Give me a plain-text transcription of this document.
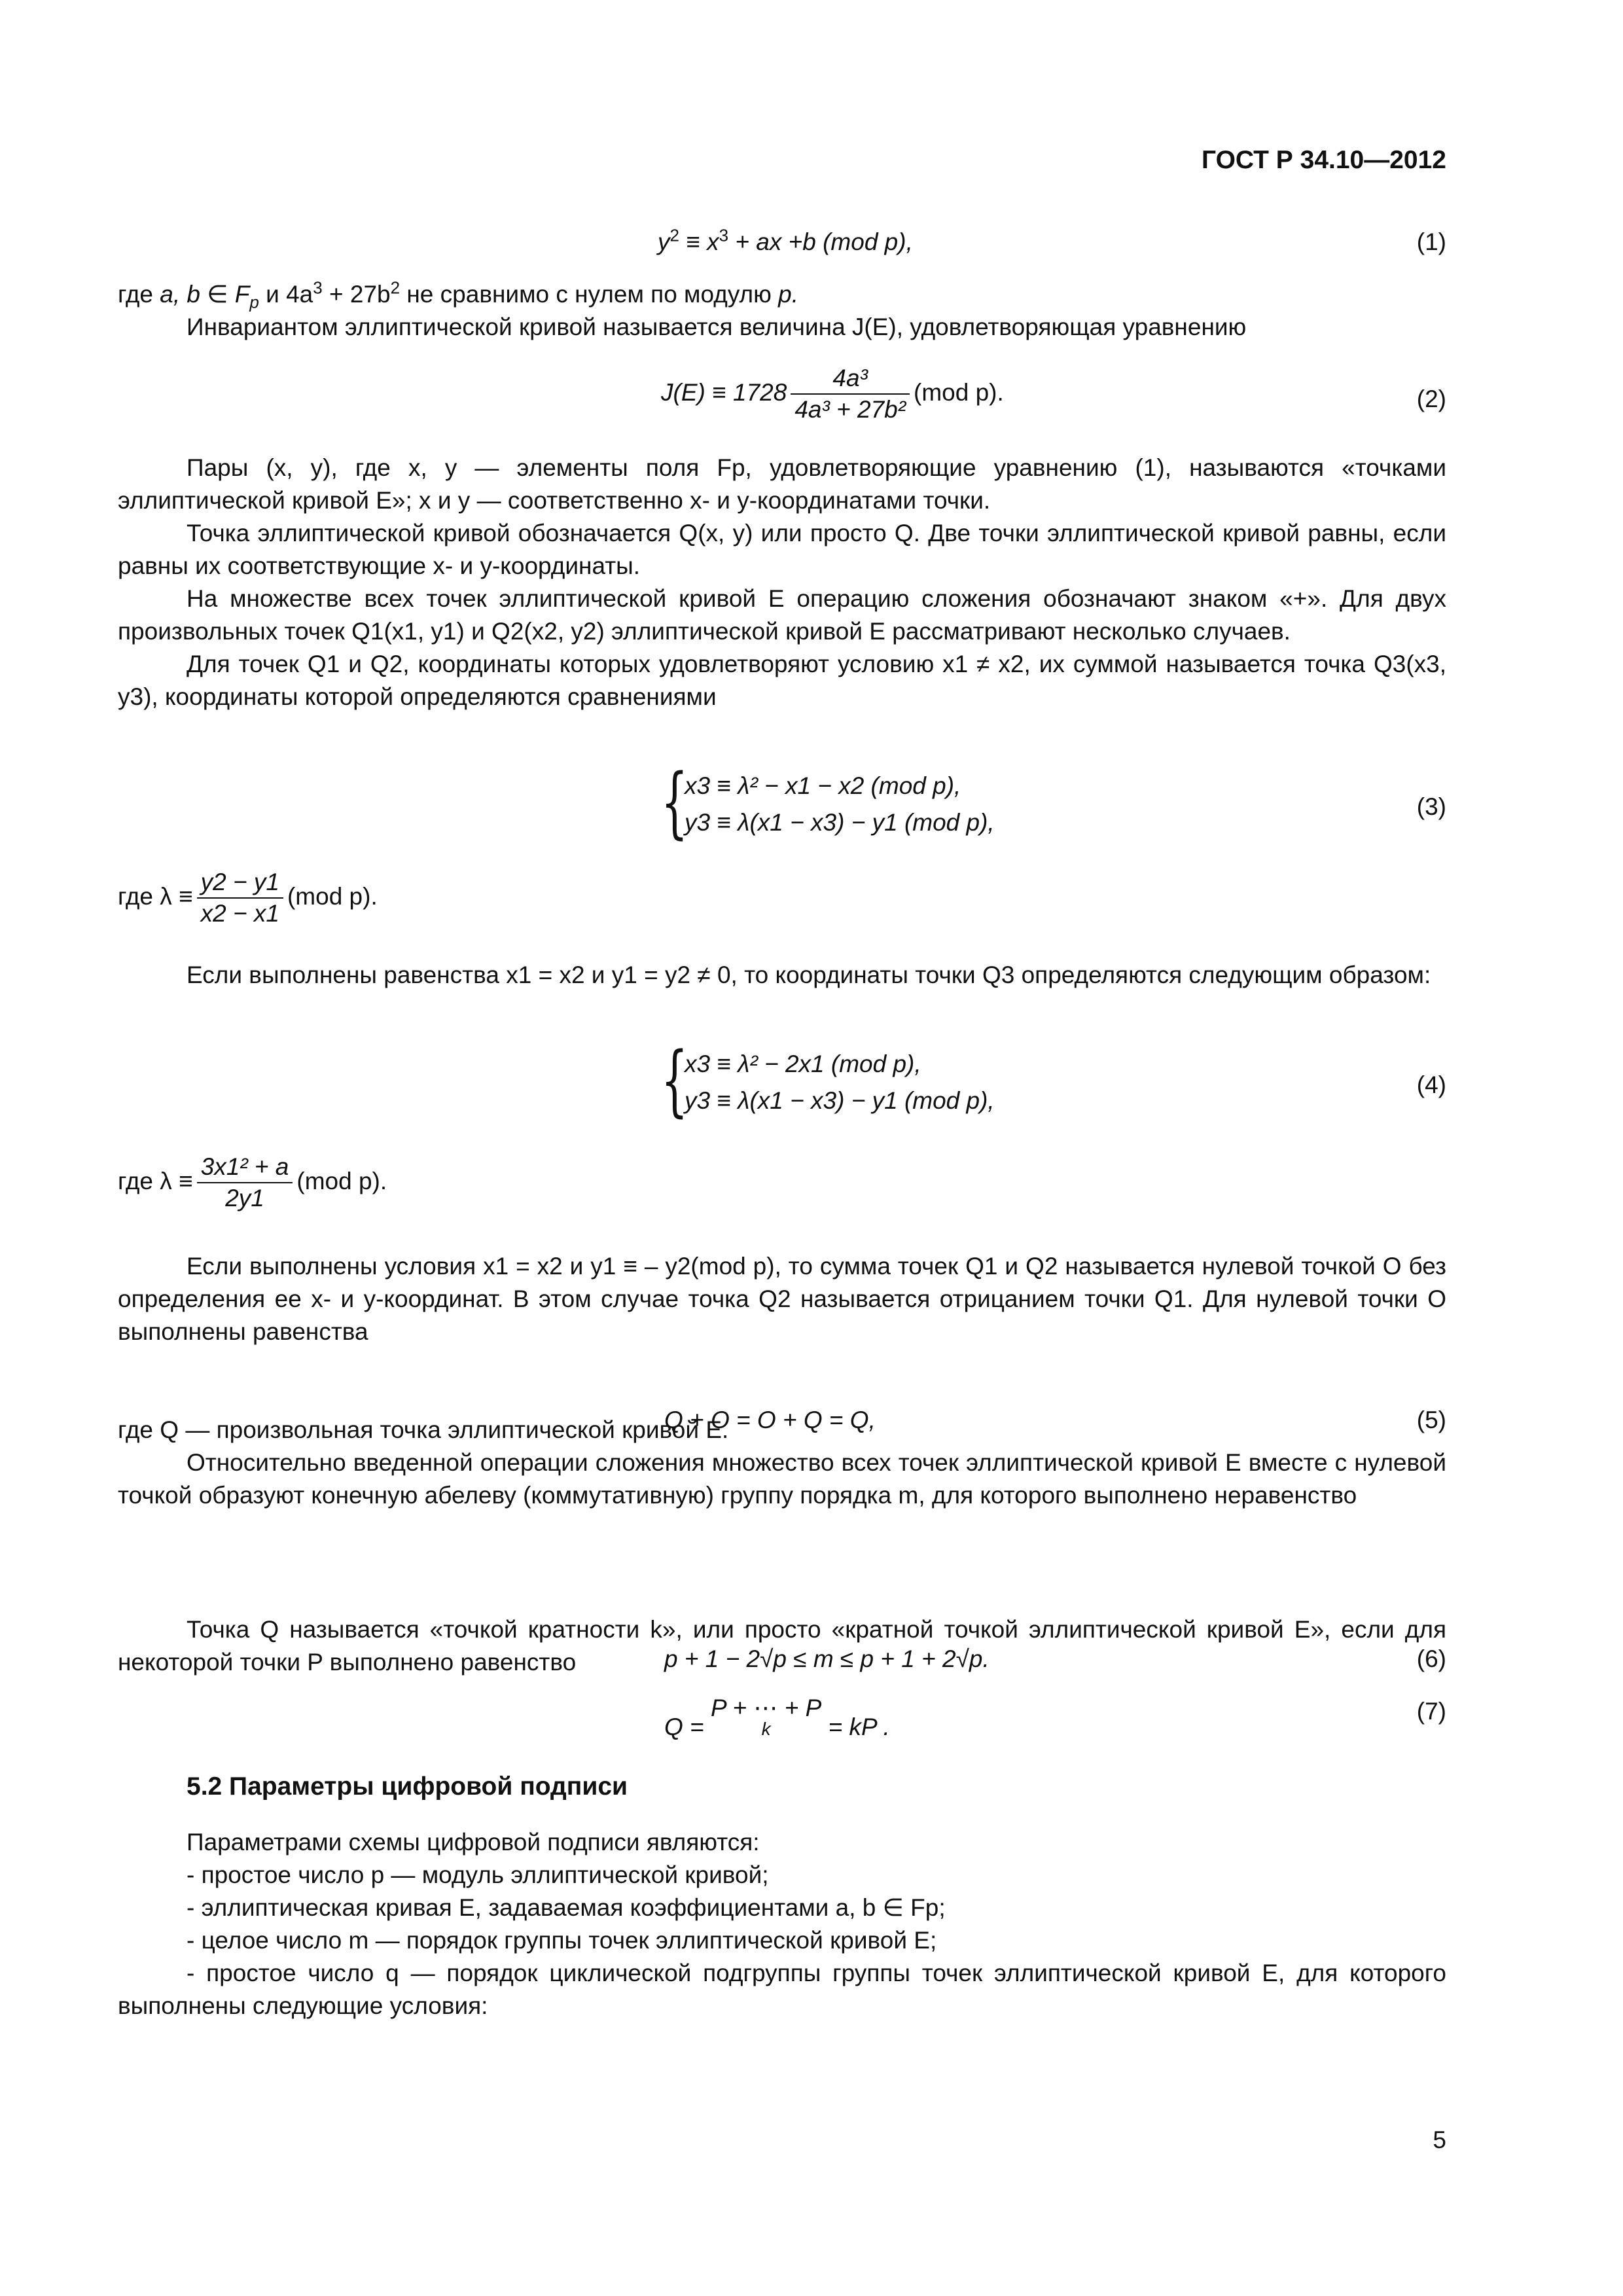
ГОСТ Р 34.10—2012
$y^2 \equiv x^3$ + ax +b (mod p),	(1)

где a, b ∈ $F_p$ и $4a^3 + 27b^2$ не сравнимо с нулем по модулю p.

Инвариантом эллиптической кривой называется величина J(E), удовлетворяющая уравнению

$J(E) \equiv 1728 \frac{\text{4a³}}{\text{4a³ + 27b²}} (mod$ p).	(2)

Пары (x, y), где x, y — элементы поля Fp, удовлетворяющие уравнению (1), называются «точками эллиптической кривой E»; x и y — соответственно x- и y-координатами точки.

Точка эллиптической кривой обозначается Q(x, y) или просто Q. Две точки эллиптической кривой равны, если равны их соответствующие x- и y-координаты.

На множестве всех точек эллиптической кривой E операцию сложения обозначают знаком «+». Для двух произвольных точек Q1(x1, y1) и Q2(x2, y2) эллиптической кривой E рассматривают несколько случаев.

Для точек Q1 и Q2, координаты которых удовлетворяют условию x1 ≠ x2, их суммой называется точка Q3(x3, y3), координаты которой определяются сравнениями

{
x3 ≡ λ² − x1 − x2 (mod p),
y3 ≡ λ(x1 − x3) − y1 (mod p),
(3)
где $\lambda \equiv \frac{y2 - y1}{x2 - x1} (mod$ p).

Если выполнены равенства x1 = x2 и y1 = y2 ≠ 0, то координаты точки Q3 определяются следующим образом:

{
x3 ≡ λ² − 2x1 (mod p),
y3 ≡ λ(x1 − x3) − y1 (mod p),
(4)
где $\lambda \equiv \frac{\text{3x1² + a}}{2y1} (mod$ p).

Если выполнены условия x1 = x2 и y1 ≡ – y2(mod p), то сумма точек Q1 и Q2 называется нулевой точкой O без определения ее x- и y-координат. В этом случае точка Q2 называется отрицанием точки Q1. Для нулевой точки O выполнены равенства

Q + O = O + Q = Q,	(5)

где Q — произвольная точка эллиптической кривой E.

Относительно введенной операции сложения множество всех точек эллиптической кривой E вместе с нулевой точкой образуют конечную абелеву (коммутативную) группу порядка m, для которого выполнено неравенство

p + 1 − 2√p ≤ m ≤ p + 1 + 2√p.	(6)

Точка Q называется «точкой кратности k», или просто «кратной точкой эллиптической кривой E», если для некоторой точки P выполнено равенство

Q = P + ⋯ + P
k	= kP .
(7)
5.2 Параметры цифровой подписи

Параметрами схемы цифровой подписи являются:

- простое число p — модуль эллиптической кривой;

- эллиптическая кривая E, задаваемая коэффициентами a, b ∈ Fp;

- целое число m — порядок группы точек эллиптической кривой E;

- простое число q — порядок циклической подгруппы группы точек эллиптической кривой E, для которого выполнены следующие условия:

5
